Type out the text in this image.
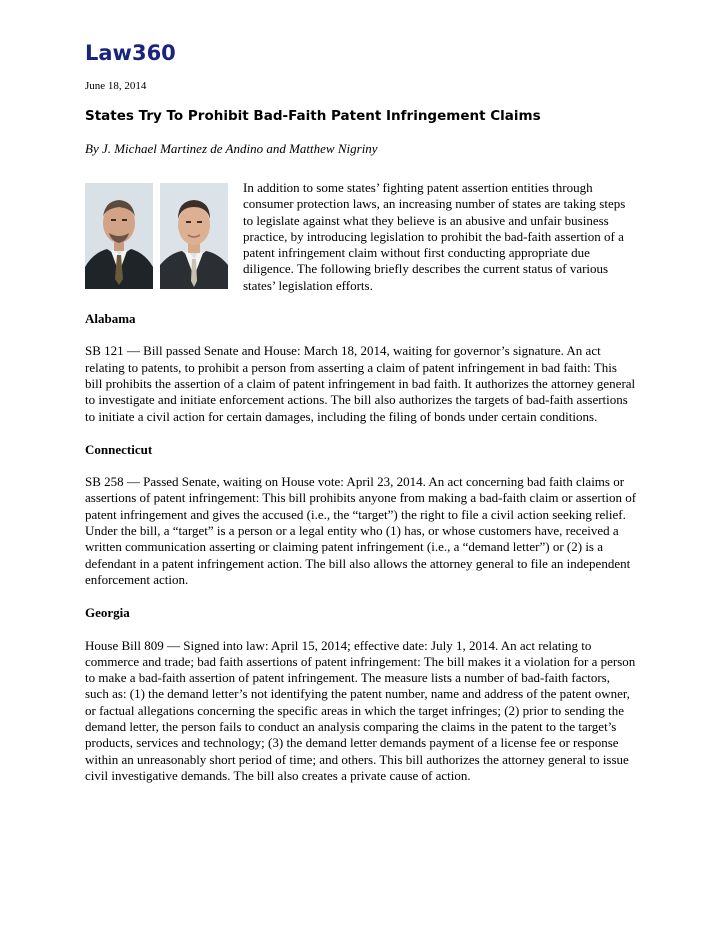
Law360
June 18, 2014
States Try To Prohibit Bad-Faith Patent Infringement Claims
By J. Michael Martinez de Andino and Matthew Nigriny
In addition to some states’ fighting patent assertion entities through consumer protection laws, an increasing number of states are taking steps to legislate against what they believe is an abusive and unfair business practice, by introducing legislation to prohibit the bad-faith assertion of a patent infringement claim without first conducting appropriate due diligence. The following briefly describes the current status of various states’ legislation efforts.
Alabama

SB 121 — Bill passed Senate and House: March 18, 2014, waiting for governor’s signature. An act relating to patents, to prohibit a person from asserting a claim of patent infringement in bad faith: This bill prohibits the assertion of a claim of patent infringement in bad faith. It authorizes the attorney general to investigate and initiate enforcement actions. The bill also authorizes the targets of bad-faith assertions to initiate a civil action for certain damages, including the filing of bonds under certain conditions.

Connecticut

SB 258 — Passed Senate, waiting on House vote: April 23, 2014. An act concerning bad faith claims or assertions of patent infringement: This bill prohibits anyone from making a bad-faith claim or assertion of patent infringement and gives the accused (i.e., the “target”) the right to file a civil action seeking relief. Under the bill, a “target” is a person or a legal entity who (1) has, or whose customers have, received a written communication asserting or claiming patent infringement (i.e., a “demand letter”) or (2) is a defendant in a patent infringement action. The bill also allows the attorney general to file an independent enforcement action.

Georgia

House Bill 809 — Signed into law: April 15, 2014; effective date: July 1, 2014. An act relating to commerce and trade; bad faith assertions of patent infringement: The bill makes it a violation for a person to make a bad-faith assertion of patent infringement. The measure lists a number of bad-faith factors, such as: (1) the demand letter’s not identifying the patent number, name and address of the patent owner, or factual allegations concerning the specific areas in which the target infringes; (2) prior to sending the demand letter, the person fails to conduct an analysis comparing the claims in the patent to the target’s products, services and technology; (3) the demand letter demands payment of a license fee or response within an unreasonably short period of time; and others. This bill authorizes the attorney general to issue civil investigative demands. The bill also creates a private cause of action.
